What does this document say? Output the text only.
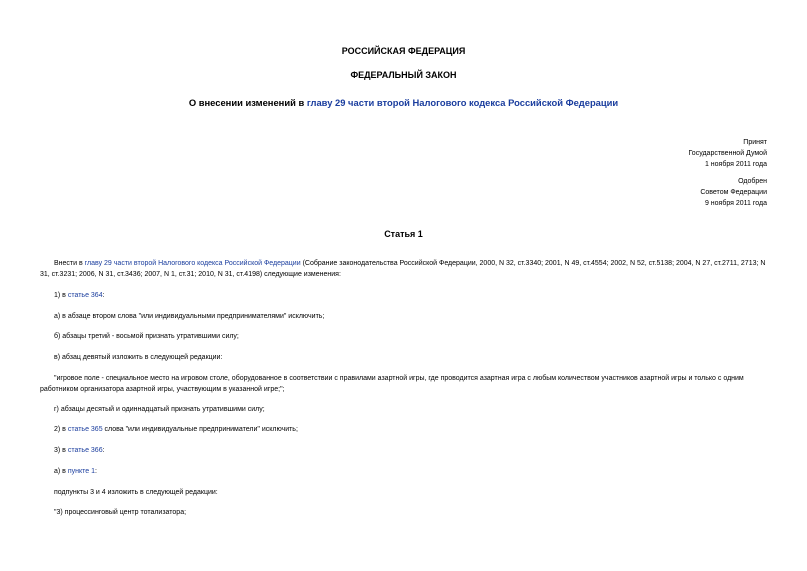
РОССИЙСКАЯ ФЕДЕРАЦИЯ
ФЕДЕРАЛЬНЫЙ ЗАКОН
О внесении изменений в главу 29 части второй Налогового кодекса Российской Федерации
Принят
Государственной Думой
1 ноября 2011 года
Одобрен
Советом Федерации
9 ноября 2011 года
Статья 1
Внести в главу 29 части второй Налогового кодекса Российской Федерации (Собрание законодательства Российской Федерации, 2000, N 32, ст.3340; 2001, N 49, ст.4554; 2002, N 52, ст.5138; 2004, N 27, ст.2711, 2713; N 31, ст.3231; 2006, N 31, ст.3436; 2007, N 1, ст.31; 2010, N 31, ст.4198) следующие изменения:
1) в статье 364:
а) в абзаце втором слова "или индивидуальными предпринимателями" исключить;
б) абзацы третий - восьмой признать утратившими силу;
в) абзац девятый изложить в следующей редакции:
"игровое поле - специальное место на игровом столе, оборудованное в соответствии с правилами азартной игры, где проводится азартная игра с любым количеством участников азартной игры и только с одним работником организатора азартной игры, участвующим в указанной игре;";
г) абзацы десятый и одиннадцатый признать утратившими силу;
2) в статье 365 слова "или индивидуальные предприниматели" исключить;
3) в статье 366:
а) в пункте 1:
подпункты 3 и 4 изложить в следующей редакции:
"3) процессинговый центр тотализатора;
